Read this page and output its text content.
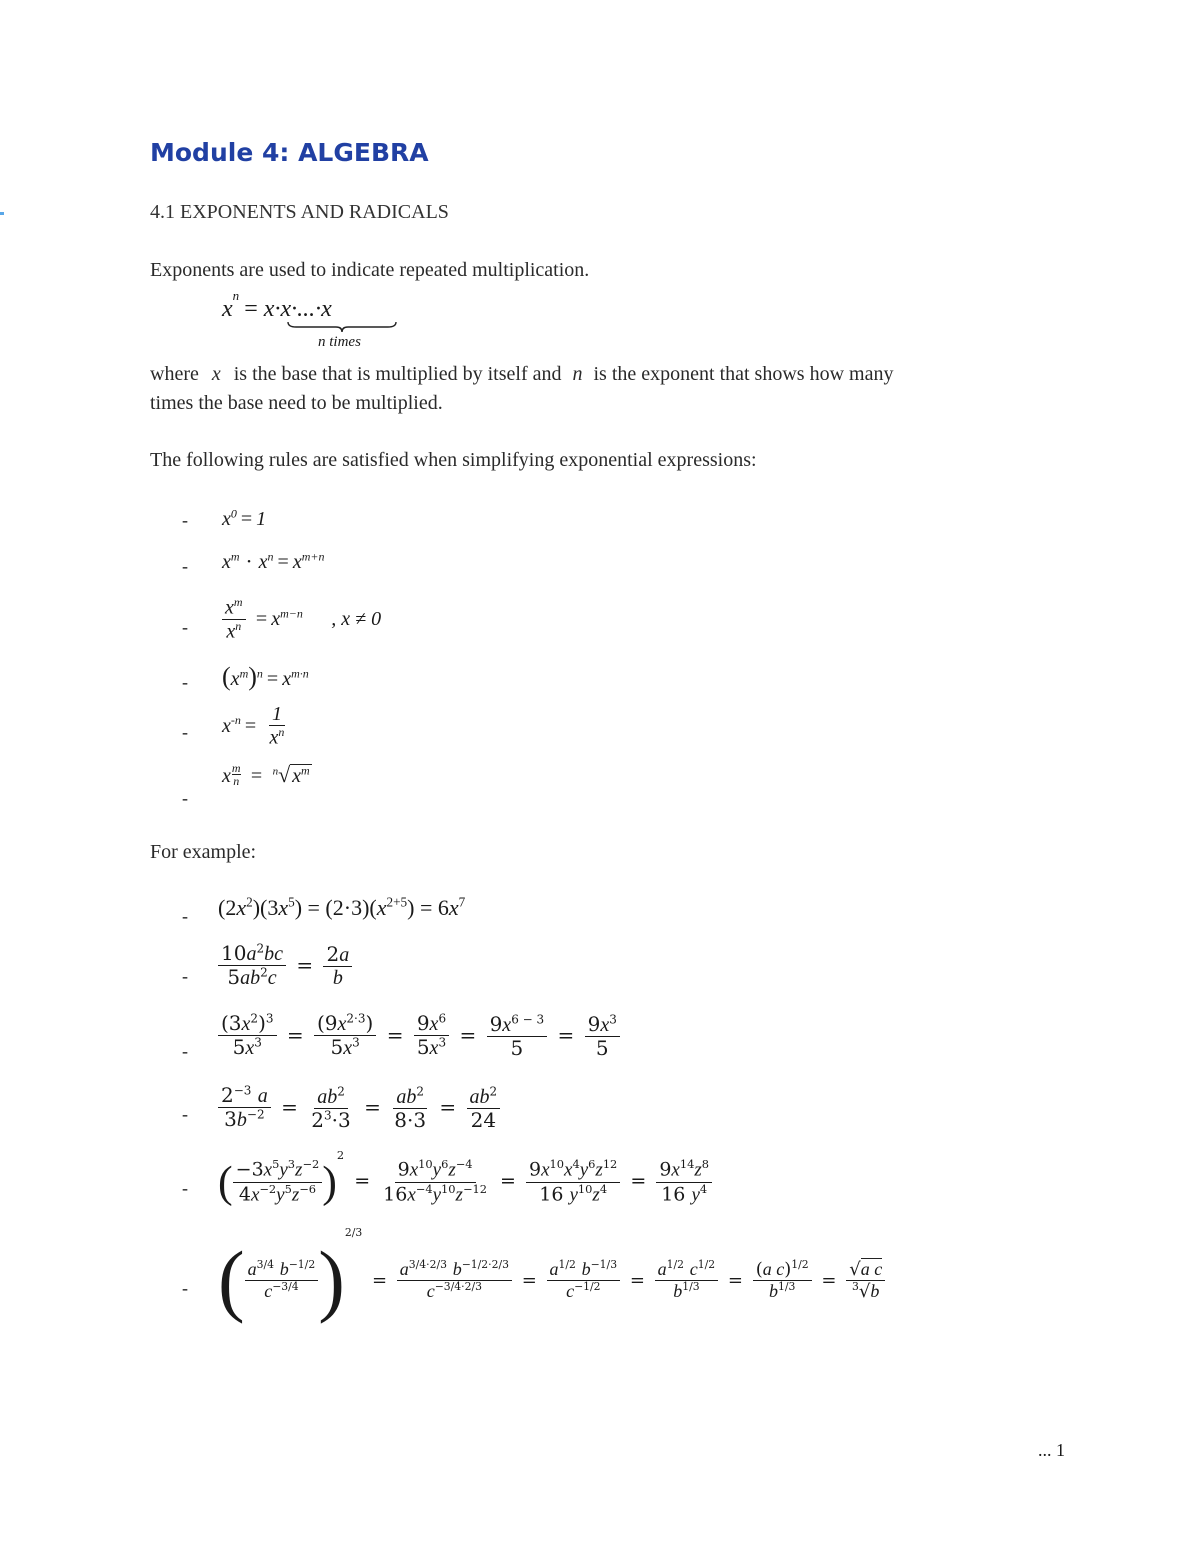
Module 4: ALGEBRA
4.1 EXPONENTS AND RADICALS
Exponents are used to indicate repeated multiplication.
$x^n = x\cdot x\cdot...\cdot x$
n times
where x is the base that is multiplied by itself and n is the exponent that shows how many
times the base need to be multiplied.
The following rules are satisfied when simplifying exponential expressions:
- $x^0 = 1$
- $x^m \cdot x^n = x^{m+n}$
- $\frac{x^m}{x^n} = x^{m-n}$ , x ≠ 0
- $(x^m)^n = x^{m\cdot n}$
- $x^{-n} = \frac{1}{x^n}$
-
x $\frac{m}{n} = ^n√$ $x^m$
For example:
- $(2x^2)(3x^5) = (2\cdot 3)(x^{2+5}) = 6x^7$
- $\frac{10a^2bc}{5ab^2c} = \frac{2a}{b}$
- $\frac{(3x^2)^3}{5x^3} = \frac{(9x^{2\cdot 3})}{5x^3} = \frac{9x^6}{5x^3} = \frac{9x^{6 - 3}}{5} = \frac{9x^3}{5}$
- $\frac{2^{-3} a}{3b^{-2}} = \frac{ab^2}{2^3\cdot 3} = \frac{ab^2}{8\cdot 3} = \frac{ab^2}{24}$
- ( $\frac{-3x^5y^3z^{-2}}{4x^{-2}y^5z^{-6}} )^2 = \frac{9x^{10}y^6z^{-4}}{16x^{-4}y^{10}z^{-12}} = \frac{9x^{10}x^4y^6z^{12}}{16 y^{10}z^4} = \frac{9x^{14}z^8}{16 y^4}$
- ( $\frac{a^{3/4} b^{-1/2}}{c^{-3/4}} )^{2/3} = \frac{a^{3/4\cdot 2/3} b^{-1/2\cdot 2/3}}{c^{-3/4\cdot 2/3}} = \frac{a^{1/2} b^{-1/3}}{c^{-1/2}} = \frac{a^{1/2} c^{1/2}}{b^{1/3}} = \frac{(a c)^{1/2}}{b^{1/3}} = \frac{\text{√a c}}{^3√b}$
... 1
